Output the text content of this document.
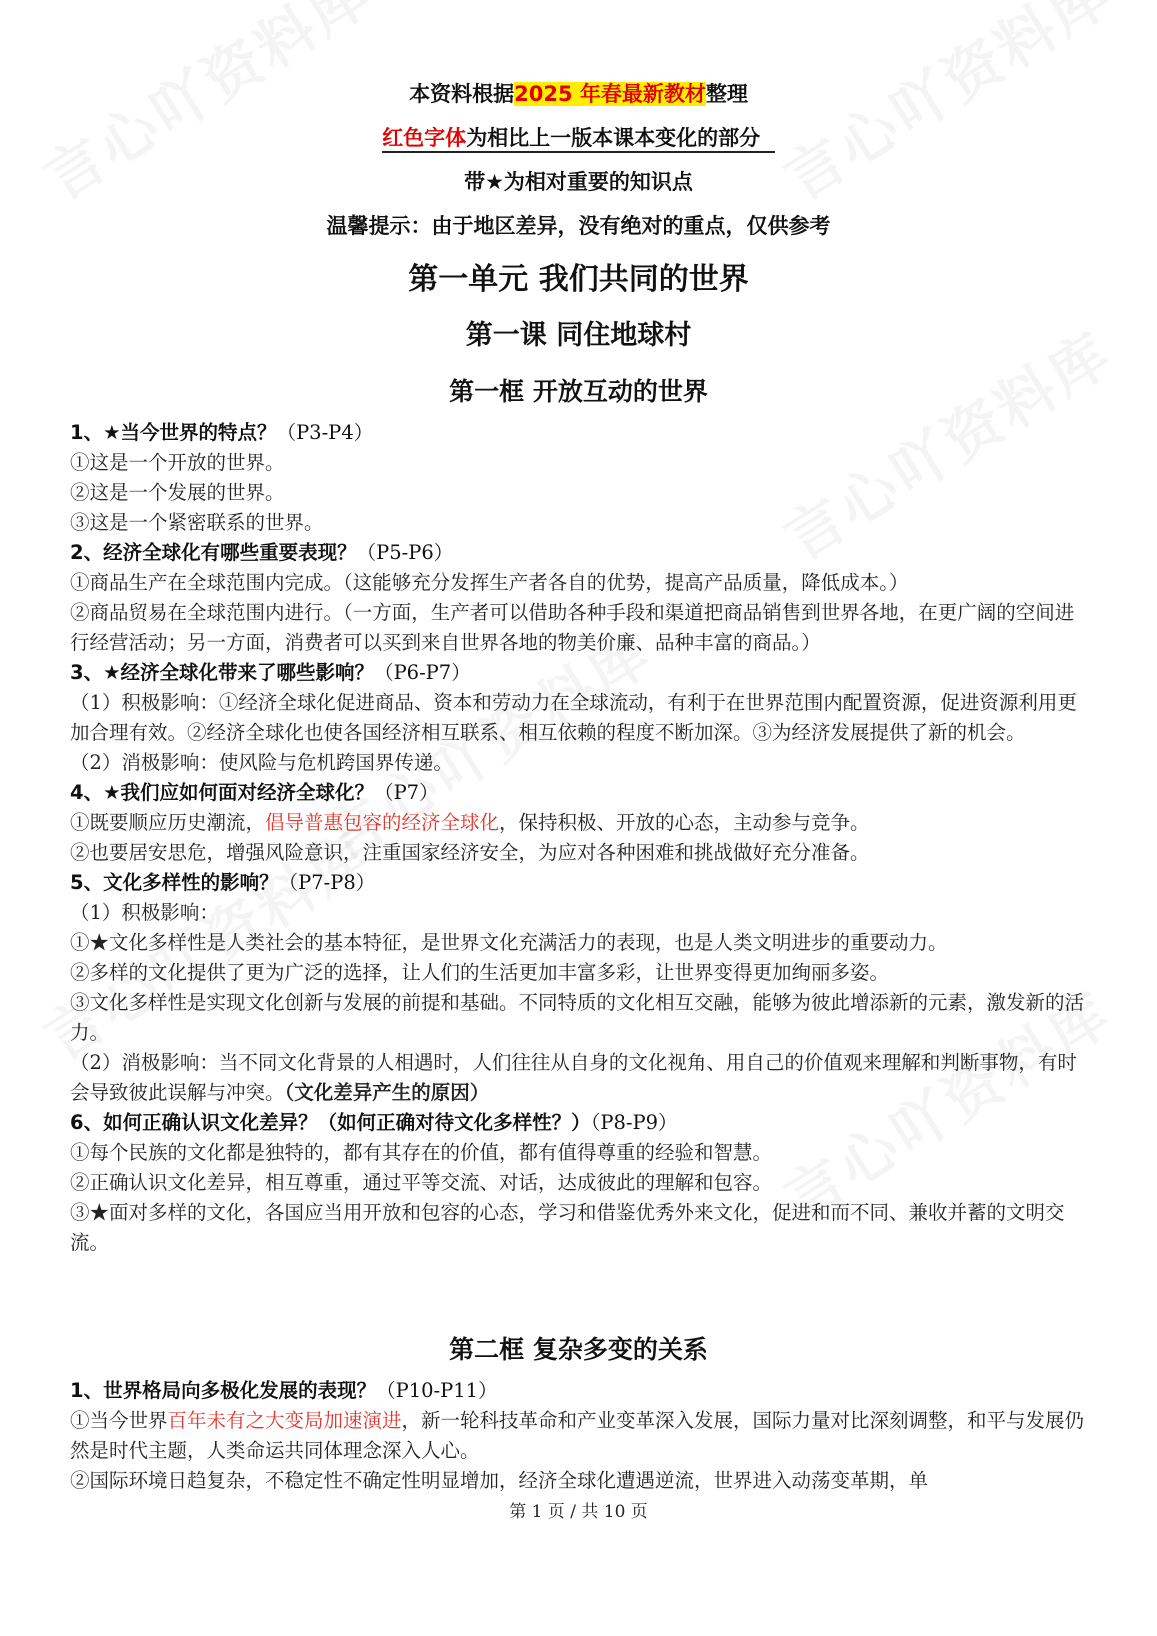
本资料根据2025 年春最新教材整理
红色字体为相比上一版本课本变化的部分
带★为相对重要的知识点
温馨提示：由于地区差异，没有绝对的重点，仅供参考
第一单元 我们共同的世界
第一课 同住地球村
第一框 开放互动的世界

1、★当今世界的特点？（P3-P4）

①这是一个开放的世界。

②这是一个发展的世界。

③这是一个紧密联系的世界。

2、经济全球化有哪些重要表现？（P5-P6）

①商品生产在全球范围内完成。（这能够充分发挥生产者各自的优势，提高产品质量，降低成本。）

②商品贸易在全球范围内进行。（一方面，生产者可以借助各种手段和渠道把商品销售到世界各地，在更广阔的空间进行经营活动；另一方面，消费者可以买到来自世界各地的物美价廉、品种丰富的商品。）

3、★经济全球化带来了哪些影响？（P6-P7）

（1）积极影响：①经济全球化促进商品、资本和劳动力在全球流动，有利于在世界范围内配置资源，促进资源利用更加合理有效。②经济全球化也使各国经济相互联系、相互依赖的程度不断加深。③为经济发展提供了新的机会。

（2）消极影响：使风险与危机跨国界传递。

4、★我们应如何面对经济全球化？（P7）

①既要顺应历史潮流，倡导普惠包容的经济全球化，保持积极、开放的心态，主动参与竞争。

②也要居安思危，增强风险意识，注重国家经济安全，为应对各种困难和挑战做好充分准备。

5、文化多样性的影响？（P7-P8）

（1）积极影响：

①★文化多样性是人类社会的基本特征，是世界文化充满活力的表现，也是人类文明进步的重要动力。

②多样的文化提供了更为广泛的选择，让人们的生活更加丰富多彩，让世界变得更加绚丽多姿。

③文化多样性是实现文化创新与发展的前提和基础。不同特质的文化相互交融，能够为彼此增添新的元素，激发新的活力。

（2）消极影响：当不同文化背景的人相遇时，人们往往从自身的文化视角、用自己的价值观来理解和判断事物，有时会导致彼此误解与冲突。（文化差异产生的原因）

6、如何正确认识文化差异？（如何正确对待文化多样性？）（P8-P9）

①每个民族的文化都是独特的，都有其存在的价值，都有值得尊重的经验和智慧。

②正确认识文化差异，相互尊重，通过平等交流、对话，达成彼此的理解和包容。

③★面对多样的文化，各国应当用开放和包容的心态，学习和借鉴优秀外来文化，促进和而不同、兼收并蓄的文明交流。

第二框 复杂多变的关系

1、世界格局向多极化发展的表现？（P10-P11）

①当今世界百年未有之大变局加速演进，新一轮科技革命和产业变革深入发展，国际力量对比深刻调整，和平与发展仍然是时代主题，人类命运共同体理念深入人心。

②国际环境日趋复杂，不稳定性不确定性明显增加，经济全球化遭遇逆流，世界进入动荡变革期，单

第 1 页 / 共 10 页
